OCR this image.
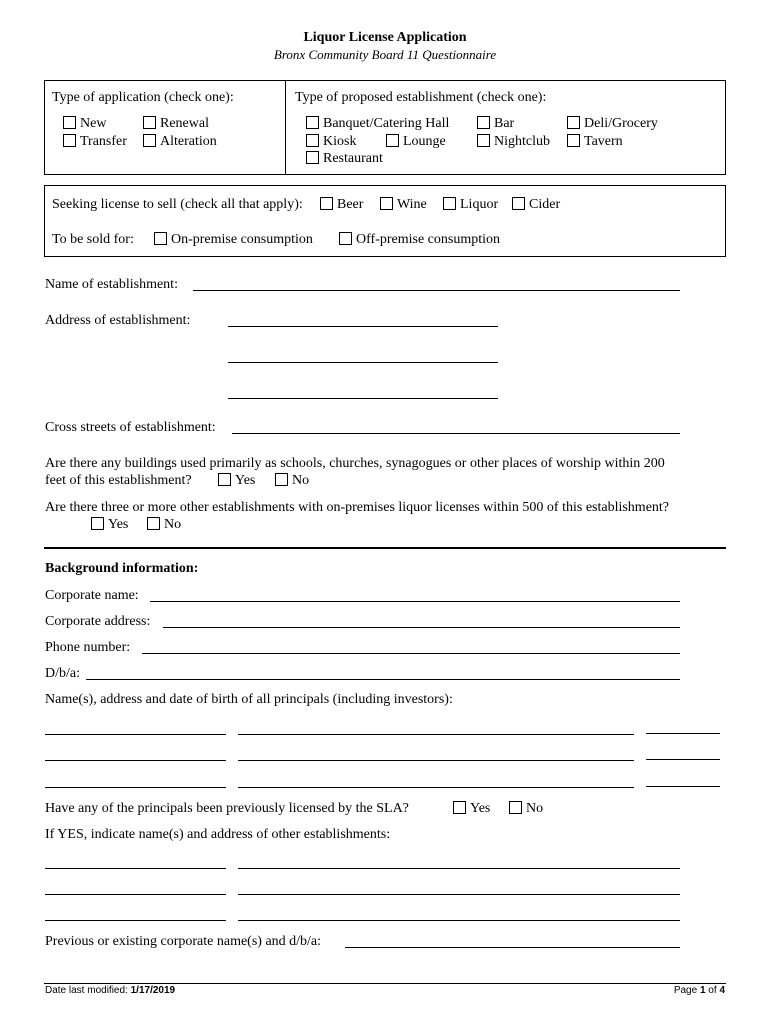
Liquor License Application
Bronx Community Board 11 Questionnaire
Type of application (check one):
New	Renewal
Transfer	Alteration
Type of proposed establishment (check one):
Banquet/Catering Hall	Bar	Deli/Grocery
Kiosk	Lounge	Nightclub	Tavern
Restaurant
Seeking license to sell (check all that apply):	Beer	Wine	Liquor	Cider
To be sold for:	On-premise consumption	Off-premise consumption
Name of establishment:
Address of establishment:
Cross streets of establishment:
Are there any buildings used primarily as schools, churches, synagogues or other places of worship within 200
feet of this establishment?	Yes	No
Are there three or more other establishments with on-premises liquor licenses within 500 of this establishment?
Yes	No
Background information:
Corporate name:
Corporate address:
Phone number:
D/b/a:
Name(s), address and date of birth of all principals (including investors):
Have any of the principals been previously licensed by the SLA?	Yes	No
If YES, indicate name(s) and address of other establishments:
Previous or existing corporate name(s) and d/b/a:
Date last modified: 1/17/2019	Page 1 of 4
